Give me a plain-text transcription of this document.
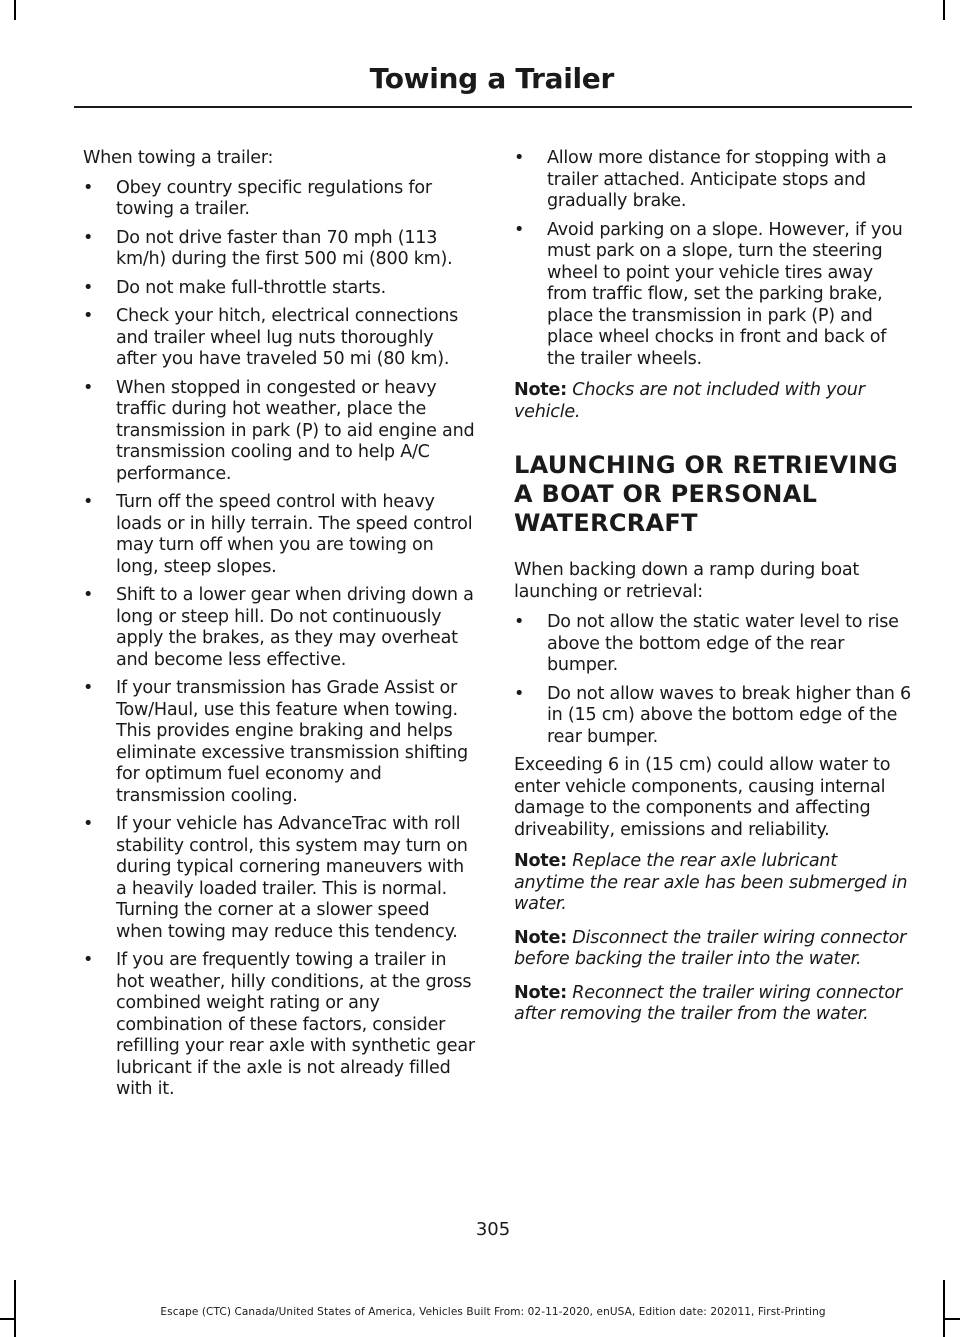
Towing a Trailer

When towing a trailer:

• Obey country specific regulations for towing a trailer.
• Do not drive faster than 70 mph (113 km/h) during the first 500 mi (800 km).
• Do not make full-throttle starts.
• Check your hitch, electrical connections and trailer wheel lug nuts thoroughly after you have traveled 50 mi (80 km).
• When stopped in congested or heavy traffic during hot weather, place the transmission in park (P) to aid engine and transmission cooling and to help A/C performance.
• Turn off the speed control with heavy loads or in hilly terrain. The speed control may turn off when you are towing on long, steep slopes.
• Shift to a lower gear when driving down a long or steep hill. Do not continuously apply the brakes, as they may overheat and become less effective.
• If your transmission has Grade Assist or Tow/Haul, use this feature when towing. This provides engine braking and helps eliminate excessive transmission shifting for optimum fuel economy and transmission cooling.
• If your vehicle has AdvanceTrac with roll stability control, this system may turn on during typical cornering maneuvers with a heavily loaded trailer. This is normal. Turning the corner at a slower speed when towing may reduce this tendency.
• If you are frequently towing a trailer in hot weather, hilly conditions, at the gross combined weight rating or any combination of these factors, consider refilling your rear axle with synthetic gear lubricant if the axle is not already filled with it.
• Allow more distance for stopping with a trailer attached. Anticipate stops and gradually brake.
• Avoid parking on a slope. However, if you must park on a slope, turn the steering wheel to point your vehicle tires away from traffic flow, set the parking brake, place the transmission in park (P) and place wheel chocks in front and back of the trailer wheels.

Note: Chocks are not included with your vehicle.

LAUNCHING OR RETRIEVING A BOAT OR PERSONAL WATERCRAFT

When backing down a ramp during boat launching or retrieval:

• Do not allow the static water level to rise above the bottom edge of the rear bumper.
• Do not allow waves to break higher than 6 in (15 cm) above the bottom edge of the rear bumper.

Exceeding 6 in (15 cm) could allow water to enter vehicle components, causing internal damage to the components and affecting driveability, emissions and reliability.

Note: Replace the rear axle lubricant anytime the rear axle has been submerged in water.

Note: Disconnect the trailer wiring connector before backing the trailer into the water.

Note: Reconnect the trailer wiring connector after removing the trailer from the water.

305
Escape (CTC) Canada/United States of America, Vehicles Built From: 02-11-2020, enUSA, Edition date: 202011, First-Printing
